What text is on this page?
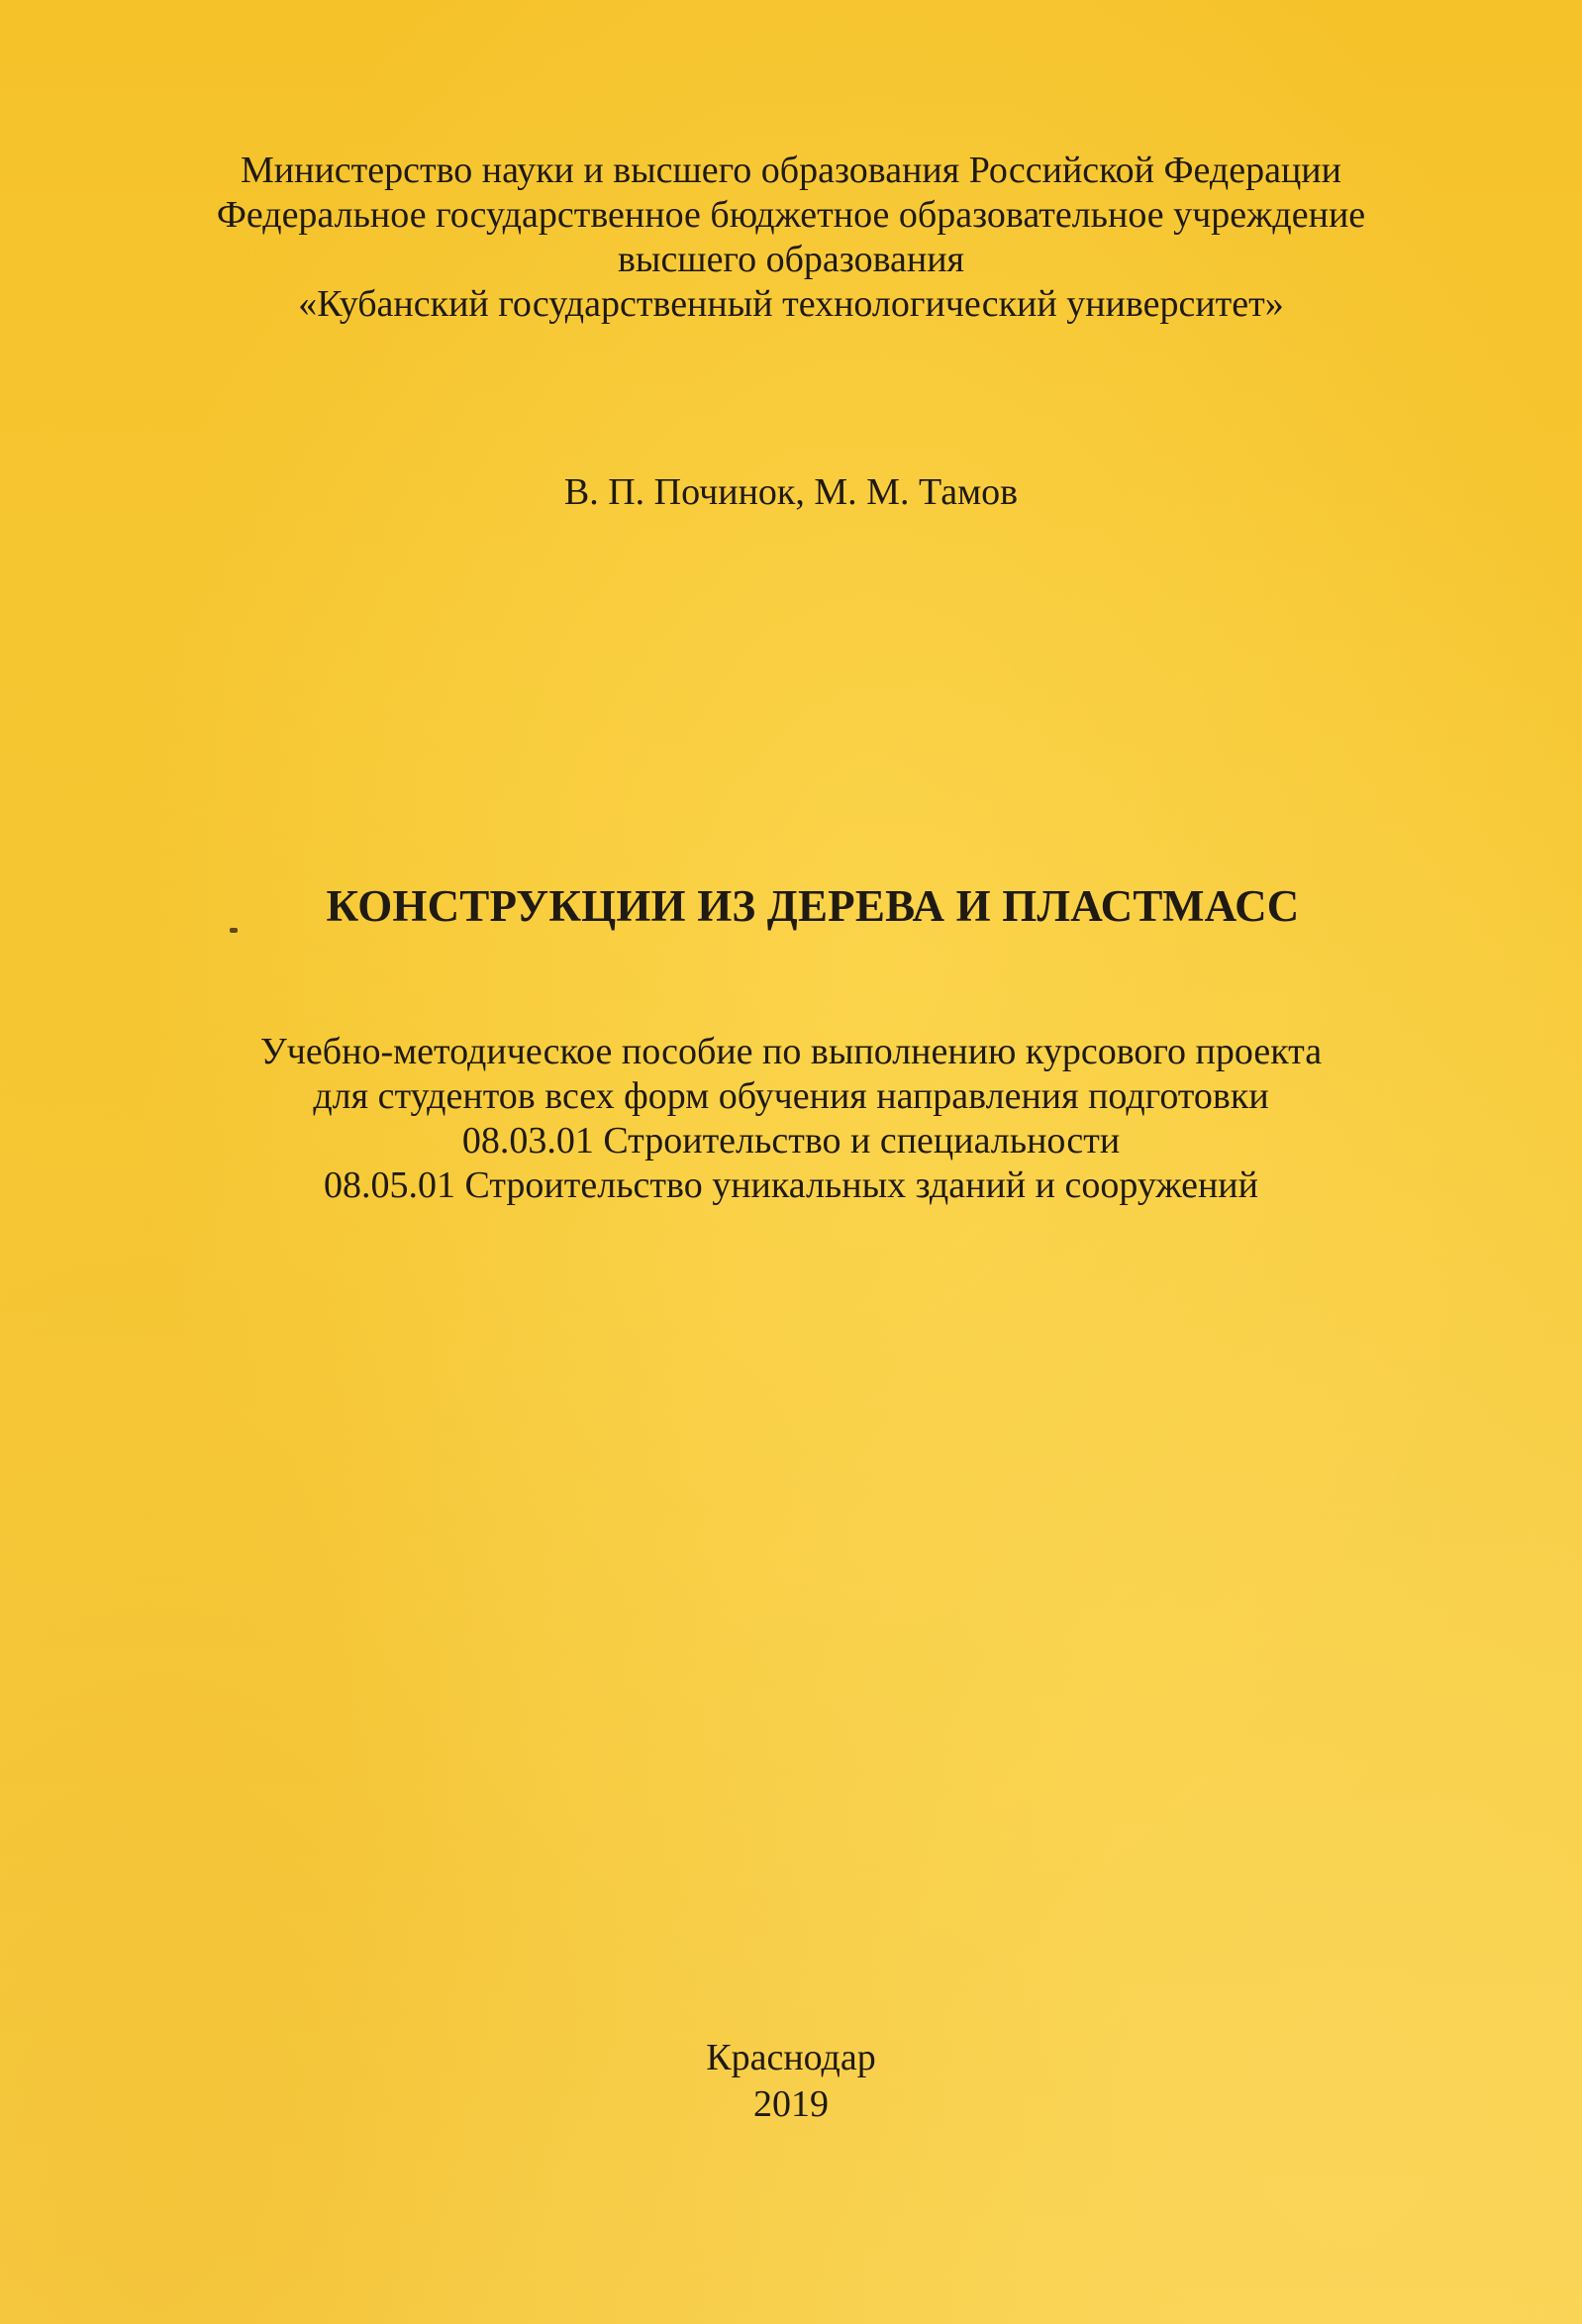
Министерство науки и высшего образования Российской Федерации
Федеральное государственное бюджетное образовательное учреждение
высшего образования
«Кубанский государственный технологический университет»
В. П. Починок, М. М. Тамов
КОНСТРУКЦИИ ИЗ ДЕРЕВА И ПЛАСТМАСС
Учебно-методическое пособие по выполнению курсового проекта
для студентов всех форм обучения направления подготовки
08.03.01 Строительство и специальности
08.05.01 Строительство уникальных зданий и сооружений
Краснодар
2019
